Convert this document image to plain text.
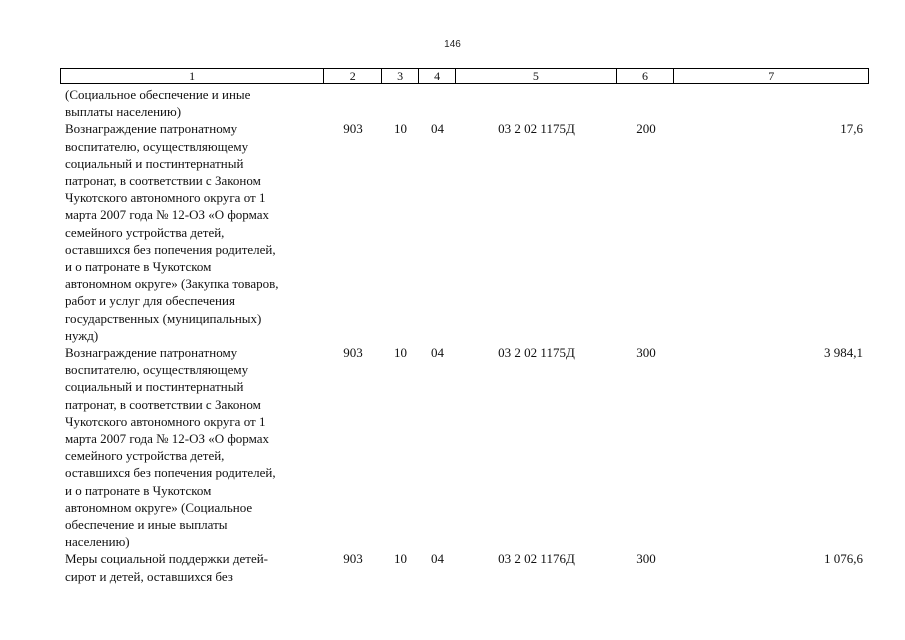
146
1	2	3	4	5	6	7
(Социальное обеспечение и иные
выплаты населению)
Вознаграждение патронатному
воспитателю, осуществляющему
социальный и постинтернатный
патронат, в соответствии с Законом
Чукотского автономного округа от 1
марта 2007 года № 12-ОЗ «О формах
семейного устройства детей,
оставшихся без попечения родителей,
и о патронате в Чукотском
автономном округе» (Закупка товаров,
работ и услуг для обеспечения
государственных (муниципальных)
нужд)
903	10	04	03 2 02 1175Д	200	17,6
Вознаграждение патронатному
воспитателю, осуществляющему
социальный и постинтернатный
патронат, в соответствии с Законом
Чукотского автономного округа от 1
марта 2007 года № 12-ОЗ «О формах
семейного устройства детей,
оставшихся без попечения родителей,
и о патронате в Чукотском
автономном округе» (Социальное
обеспечение и иные выплаты
населению)
903	10	04	03 2 02 1175Д	300	3 984,1
Меры социальной поддержки детей-
сирот и детей, оставшихся без
903	10	04	03 2 02 1176Д	300	1 076,6
